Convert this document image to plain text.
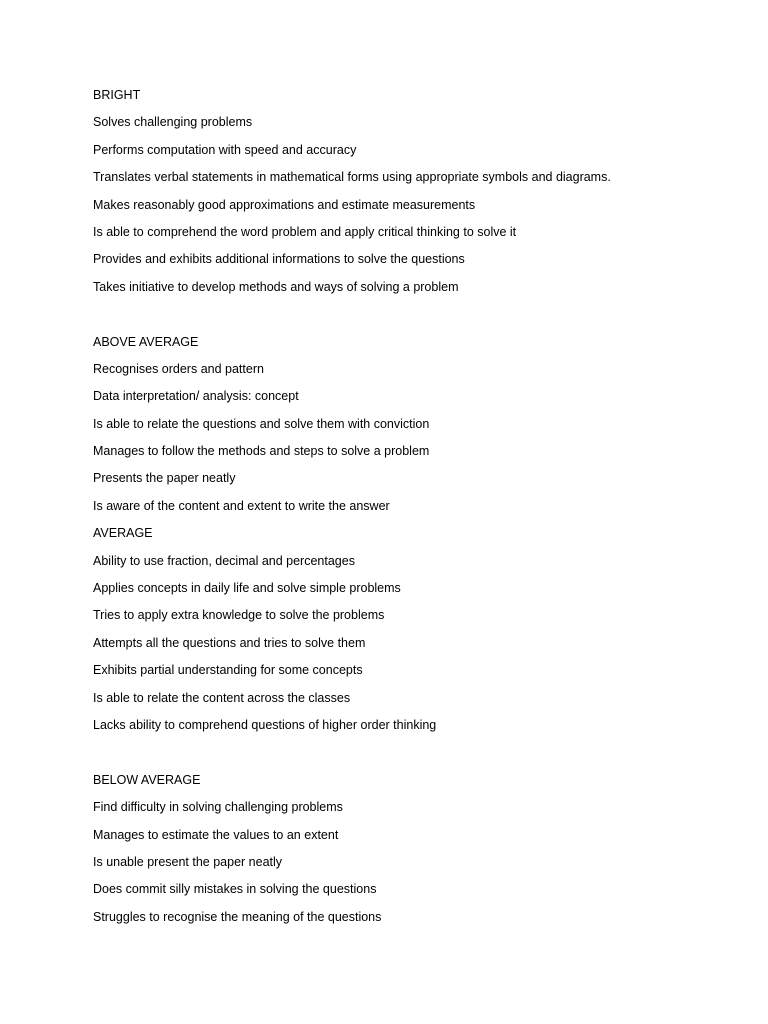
BRIGHT
Solves challenging problems
Performs computation with speed and accuracy
Translates verbal statements in mathematical forms using appropriate symbols and diagrams.
Makes reasonably good approximations and estimate measurements
Is able to comprehend the word problem and apply critical thinking to solve it
Provides and exhibits additional informations to solve the questions
Takes initiative to develop methods and ways of solving a problem
ABOVE AVERAGE
Recognises orders and pattern
Data interpretation/ analysis: concept
Is able to relate the questions and solve them with conviction
Manages to follow the methods and steps to solve a problem
Presents the paper neatly
Is aware of the content and extent to write the answer
AVERAGE
Ability to use fraction, decimal and percentages
Applies concepts in daily life and solve simple problems
Tries to apply extra knowledge to solve the problems
Attempts all the questions and tries to solve them
Exhibits partial understanding for some concepts
Is able to relate the content across the classes
Lacks ability to comprehend questions of higher order thinking
BELOW AVERAGE
Find difficulty in solving challenging problems
Manages to estimate the values to an extent
Is unable present the paper neatly
Does commit silly mistakes in solving the questions
Struggles to recognise the meaning of the questions
